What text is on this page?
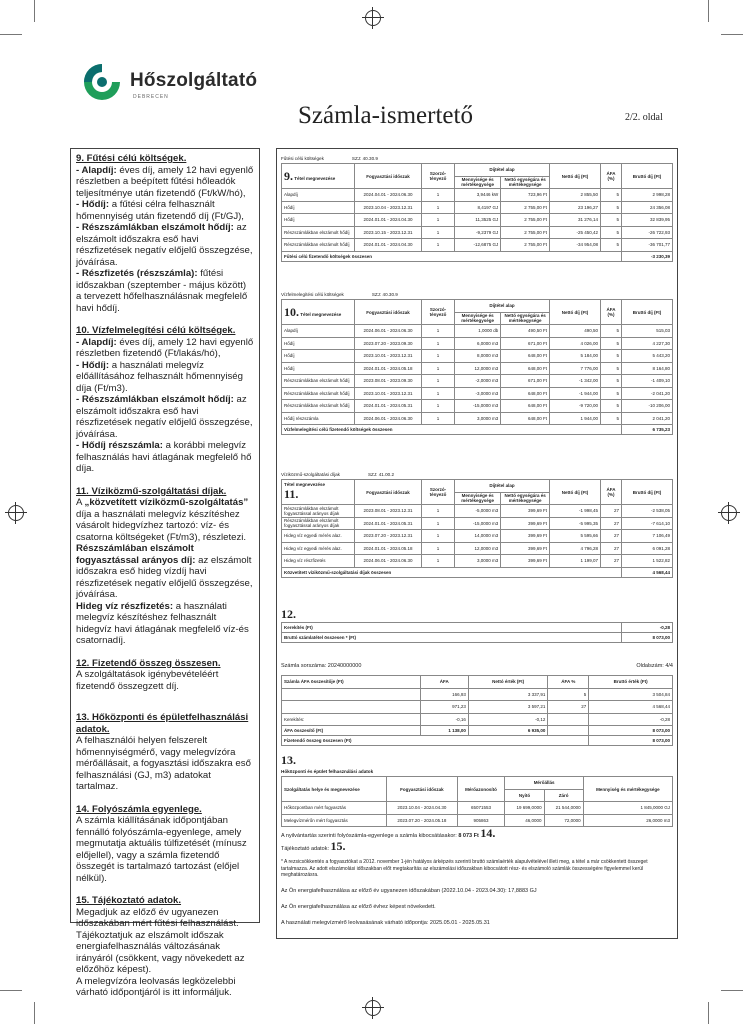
Hőszolgáltató
DEBRECEN
Számla-ismertető	2/2. oldal
9. Fűtési célú költségek.
- Alapdíj: éves díj, amely 12 havi egyenlő részletben a beépített fűtési hőleadók teljesítménye után fizetendő (Ft/kW/hó),
- Hődíj: a fűtési célra felhasznált hőmennyiség után fizetendő díj (Ft/GJ),
- Részszámlákban elszámolt hődíj: az elszámolt időszakra eső havi részfizetések negatív előjelű összegzése, jóváírása.
- Részfizetés (részszámla): fűtési időszakban (szeptember - május között) a tervezett hőfelhasználásnak megfelelő havi hődíj.
10. Vízfelmelegítési célú költségek.
- Alapdíj: éves díj, amely 12 havi egyenlő részletben fizetendő (Ft/lakás/hó),
- Hődíj: a használati melegvíz előállításához felhasznált hőmennyiség díja (Ft/m3).
- Részszámlákban elszámolt hődíj: az elszámolt időszakra eső havi részfizetések negatív előjelű összegzése, jóváírása.
- Hődíj részszámla: a korábbi melegvíz felhasználás havi átlagának megfelelő hő díja.
11. Víziközmű-szolgáltatási díjak.
A „közvetített víziközmű-szolgáltatás” díja a használati melegvíz készítéshez vásárolt hidegvízhez tartozó: víz- és csatorna költségeket (Ft/m3), részletezi.
Részszámlában elszámolt fogyasztással arányos díj: az elszámolt időszakra eső hideg vízdíj havi részfizetések negatív előjelű összegzése, jóváírása.
Hideg víz részfizetés: a használati melegvíz készítéshez felhasznált hidegvíz havi átlagának megfelelő víz-és csatornadíj.
12. Fizetendő összeg összesen.
A szolgáltatások igénybevételéért fizetendő összegzett díj.
13. Hőközponti és épületfelhasználási adatok.
A felhasználói helyen felszerelt hőmennyiségmérő, vagy melegvízóra mérőállásait, a fogyasztási időszakra eső felhasználási (GJ, m3) adatokat tartalmaz.
14. Folyószámla egyenlege.
A számla kiállításának időpontjában fennálló folyószámla-egyenlege, amely megmutatja aktuális túlfizetését (mínusz előjellel), vagy a számla fizetendő összegét is tartalmazó tartozást (előjel nélkül).
15. Tájékoztató adatok.
Megadjuk az előző év ugyanezen időszakában mért fűtési felhasználást. Tájékoztatjuk az elszámolt időszak energiafelhasználás változásának irányáról (csökkent, vagy növekedett az előzőhöz képest).
A melegvízóra leolvasás legközelebbi várható időpontjáról is itt informáljuk.
Fűtési célú költségek	SZJ: 40.30.9
9. Tétel megnevezése	Fogyasztási időszak	Szorzó-tényező	Díjtétel alap		Nettó díj (Ft)	ÁFA (%)	Bruttó díj (Ft)
			Mennyisége és mértékegysége	Nettó egységára és mértékegysége			
Alapdíj	2024.04.01 - 2024.06.30	1	3,9446 kW	723,96 Ft	2 855,50	5	2 998,28
Hődíj	2023.10.04 - 2023.12.31	1	8,4197 GJ	2 755,00 Ft	23 196,27	5	24 356,08
Hődíj	2024.01.01 - 2024.04.30	1	11,3525 GJ	2 755,00 Ft	31 276,14	5	32 839,95
Részszámlákban elszámolt hődíj	2023.10.15 - 2023.12.31	1	-9,2379 GJ	2 755,00 Ft	-25 450,42	5	-26 722,93
Részszámlákban elszámolt hődíj	2024.01.01 - 2024.04.30	1	-12,6875 GJ	2 755,00 Ft	-34 954,08	5	-36 701,77
Fűtési célú fizetendő költségek összesen							-3 230,39
Vízfelmelegítési célú költségek	SZJ: 40.30.9
10. Tétel megnevezése	Fogyasztási időszak	Szorzó-tényező	Díjtétel alap		Nettó díj (Ft)	ÁFA (%)	Bruttó díj (Ft)
			Mennyisége és mértékegysége	Nettó egységára és mértékegysége			
Alapdíj	2024.06.01 - 2024.06.30	1	1,0000 db	490,50 Ft	490,50	5	515,03
Hődíj	2023.07.20 - 2023.09.30	1	6,0000 m3	671,00 Ft	4 026,00	5	4 227,30
Hődíj	2023.10.01 - 2023.12.31	1	8,0000 m3	648,00 Ft	5 184,00	5	5 443,20
Hődíj	2024.01.01 - 2024.05.18	1	12,0000 m3	648,00 Ft	7 776,00	5	8 164,80
Részszámlákban elszámolt hődíj	2023.08.01 - 2023.09.30	1	-2,0000 m3	671,00 Ft	-1 342,00	5	-1 409,10
Részszámlákban elszámolt hődíj	2023.10.01 - 2023.12.31	1	-3,0000 m3	648,00 Ft	-1 944,00	5	-2 041,20
Részszámlákban elszámolt hődíj	2024.01.01 - 2024.05.31	1	-15,0000 m3	648,00 Ft	-9 720,00	5	-10 206,00
Hődíj részszámla	2024.06.01 - 2024.06.30	1	3,0000 m3	648,00 Ft	1 944,00	5	2 041,20
Vízfelmelegítési célú fizetendő költségek összesen							6 735,23
Víziközmű-szolgáltatási díjak	SZJ: 41.00.2
Tétel megnevezése
11.	Fogyasztási időszak	Szorzó-tényező	Díjtétel alap		Nettó díj (Ft)	ÁFA (%)	Bruttó díj (Ft)
			Mennyisége és mértékegysége	Nettó egységára és mértékegysége			
Részszámlákban elszámolt fogyasztással arányos díjak	2023.08.01 - 2023.12.31	1	-5,0000 m3	399,69 Ft	-1 998,45	27	-2 538,05
Részszámlákban elszámolt fogyasztással arányos díjak	2024.01.01 - 2024.05.31	1	-15,0000 m3	399,69 Ft	-5 995,35	27	-7 614,10
Hideg víz egyedi mérés alaz.	2023.07.20 - 2023.12.31	1	14,0000 m3	399,69 Ft	5 595,66	27	7 106,49
Hideg víz egyedi mérés alaz.	2024.01.01 - 2024.05.18	1	12,0000 m3	399,69 Ft	4 796,28	27	6 091,28
Hideg víz részfizetés	2024.06.01 - 2024.06.30	1	3,0000 m3	399,69 Ft	1 199,07	27	1 522,82
Közvetített víziközmű-szolgáltatási díjak összesen							4 568,44
12.
Kerekítés (Ft)	-0,28
Bruttó számlatétel összesen * (Ft)	8 073,00
Számla sorszáma: 20240000000	Oldalszám: 4/4
Számla ÁFA összesítője (Ft)	ÁFA	Nettó érték (Ft)	ÁFA %	Bruttó érték (Ft)
	166,93	3 337,91	5	3 504,84
	971,23	3 597,21	27	4 568,44
Kerekítés:	-0,16	-0,12		-0,28
ÁFA összesítő (Ft)	1 138,00	6 935,00		8 073,00
Fizetendő összeg összesen (Ft)				8 073,00
13.
Hőközponti és épület felhasználási adatok
Szolgáltatás helye és megnevezése	Fogyasztási időszak	Mérőazonosító	Mérőállás		Mennyiség és mértékegysége
			Nyitó	Záró	
Hőközpontban mért fogyasztás	2023.10.04 - 2024.04.30	65071553	19 699,0000	21 544,0000	1 845,0000 GJ
Melegvízmérőn mért fogyasztás	2023.07.20 - 2024.05.18	905863	46,0000	72,0000	26,0000 m3
A nyilvántartás szerinti folyószámla-egyenlege a számla kibocsátásakor: 8 073 Ft 14.
Tájékoztató adatok: 15.
* A rezsicsökkentés a fogyasztókat a 2012. november 1-jén hatályos árképzés szerinti bruttó számlaérték alapulvételével illeti meg, a tétel a már csökkentett összeget tartalmazza. Az adott elszámolási időszakban előt megtakarítás az elszámolási időszakban kibocsátott rész- és elszámoló számlák összességére figyelemmel kerül meghatározásra.
Az Ön energiafelhasználása az előző év ugyanezen időszakában (2022.10.04 - 2023.04.30): 17,8883 GJ
Az Ön energiafelhasználása az előző évhez képest növekedett.
A használati melegvízmérő leolvasásának várható időpontja: 2025.05.01 - 2025.05.31
